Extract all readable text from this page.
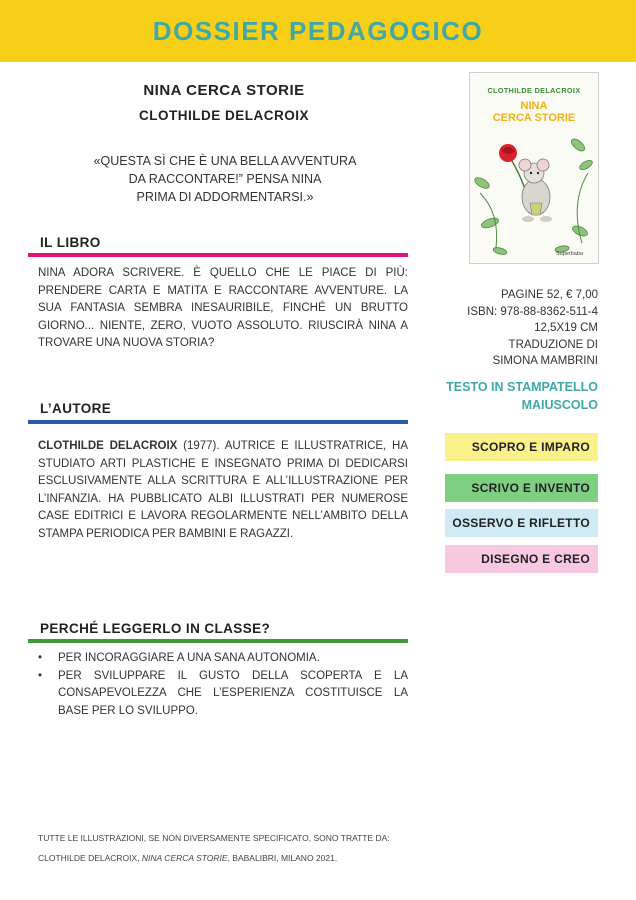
DOSSIER PEDAGOGICO
NINA CERCA STORIE
CLOTHILDE DELACROIX
«QUESTA SÌ CHE È UNA BELLA AVVENTURA
DA RACCONTARE!” PENSA NINA
PRIMA DI ADDORMENTARSI.»
CLOTHILDE DELACROIX
NINA
CERCA STORIE
Superbaba
IL LIBRO
NINA ADORA SCRIVERE. È QUELLO CHE LE PIACE DI PIÙ: PRENDERE CARTA E MATITA E RACCONTARE AVVENTURE. LA SUA FANTASIA SEMBRA INESAURIBILE, FINCHÉ UN BRUTTO GIORNO... NIENTE, ZERO, VUOTO ASSOLUTO. RIUSCIRÀ NINA A TROVARE UNA NUOVA STORIA?
L’AUTORE
CLOTHILDE DELACROIX (1977). AUTRICE E ILLUSTRATRICE, HA STUDIATO ARTI PLASTICHE E INSEGNATO PRIMA DI DEDICARSI ESCLUSIVAMENTE ALLA SCRITTURA E ALL’ILLUSTRAZIONE PER L’INFANZIA. HA PUBBLICATO ALBI ILLUSTRATI PER NUMEROSE CASE EDITRICI E LAVORA REGOLARMENTE NELL’AMBITO DELLA STAMPA PERIODICA PER BAMBINI E RAGAZZI.
PERCHÉ LEGGERLO IN CLASSE?
• PER INCORAGGIARE A UNA SANA AUTONOMIA.
• PER SVILUPPARE IL GUSTO DELLA SCOPERTA E LA CONSAPEVOLEZZA CHE L’ESPERIENZA COSTITUISCE LA BASE PER LO SVILUPPO.
PAGINE 52, € 7,00
ISBN: 978-88-8362-511-4
12,5X19 CM
TRADUZIONE DI
SIMONA MAMBRINI
TESTO IN STAMPATELLO
MAIUSCOLO
SCOPRO E IMPARO
SCRIVO E INVENTO
OSSERVO E RIFLETTO
DISEGNO E CREO
TUTTE LE ILLUSTRAZIONI, SE NON DIVERSAMENTE SPECIFICATO, SONO TRATTE DA:
CLOTHILDE DELACROIX, NINA CERCA STORIE, BABALIBRI, MILANO 2021.
